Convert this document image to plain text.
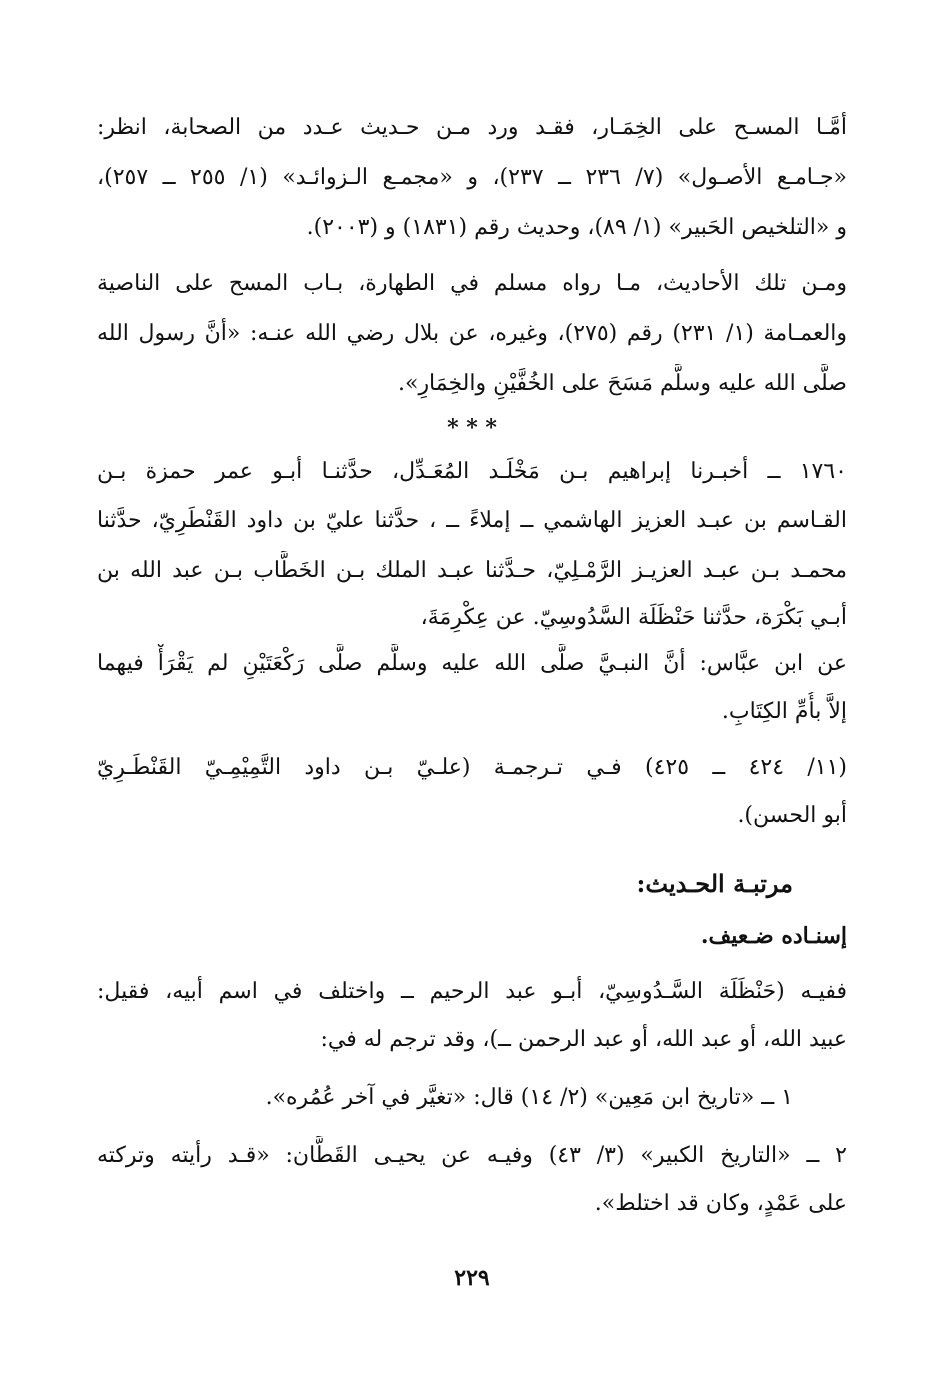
أمَّـا المسـح على الخِمَـار، فقـد ورد مـن حـديث عـدد من الصحابة، انظر:
«جـامـع الأصـول» (٧/ ٢٣٦ ــ ٢٣٧)، و «مجمـع الـزوائـد» (١/ ٢٥٥ ــ ٢٥٧)،
و «التلخيص الحَبير» (١/ ٨٩)، وحديث رقم (١٨٣١) و (٢٠٠٣).
ومـن تلك الأحاديث، مـا رواه مسلم في الطهارة، بـاب المسح على الناصية
والعمـامة (١/ ٢٣١) رقم (٢٧٥)، وغيره، عن بلال رضي الله عنـه: «أنَّ رسول الله
صلَّى الله عليه وسلَّم مَسَحَ على الخُفَّيْنِ والخِمَارِ».
* * *
١٧٦٠ ــ أخبـرنا إبراهيم بـن مَخْلَـد المُعَـدِّل، حدَّثنـا أبـو عمر حمزة بـن
القـاسم بن عبـد العزيز الهاشمي ــ إملاءً ــ ، حدَّثنا عليّ بن داود القَنْطَرِيّ، حدَّثنا
محمـد بـن عبـد العزيـز الرَّمْـلِيّ، حـدَّثنا عبـد الملك بـن الخَطَّاب بـن عبد الله بن
أبـي بَكْرَة، حدَّثنا حَنْظَلَة السَّدُوسِيّ. عن عِكْرِمَةَ،
عن ابن عبَّاس: أنَّ النبـيَّ صلَّى الله عليه وسلَّم صلَّى رَكْعَتَيْنِ لم يَقْرَأْ فيهما
إلاَّ بأُمِّ الكِتَابِ.
(١١/ ٤٢٤ ــ ٤٢٥) فـي تـرجمـة (علـيّ بـن داود التَّمِيْمِـيّ القَنْطَـرِيّ
أبو الحسن).
مرتبـة الحـديث:
إسنـاده ضـعيف.
ففيـه (حَنْظَلَة السَّـدُوسِيّ، أبـو عبد الرحيم ــ واختلف في اسم أبيه، فقيل:
عبيد الله، أو عبد الله، أو عبد الرحمن ــ)، وقد ترجم له في:
١ ــ «تاريخ ابن مَعِين» (٢/ ١٤) قال: «تغيَّر في آخر عُمُره».
٢ ــ «التاريخ الكبير» (٣/ ٤٣) وفيـه عن يحيـى القَطَّان: «قـد رأيته وتركته
على عَمْدٍ، وكان قد اختلط».
٢٢٩
